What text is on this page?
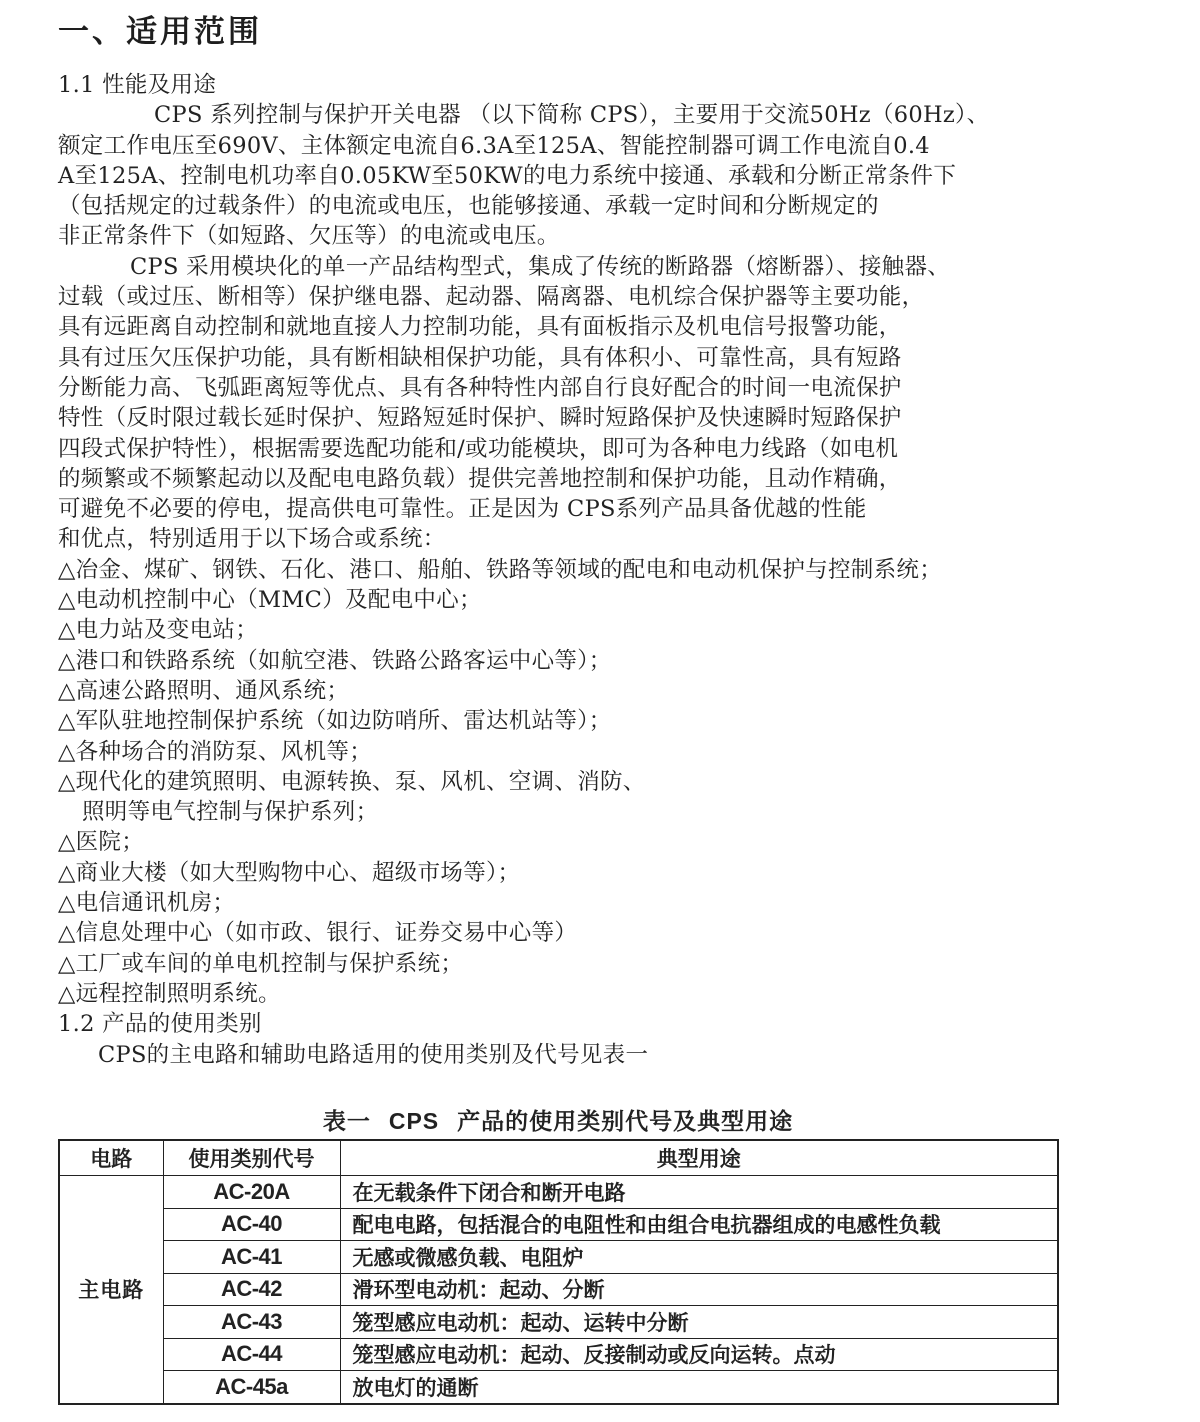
一、适用范围
1.1 性能及用途
CPS 系列控制与保护开关电器 （以下简称 CPS），主要用于交流50Hz（60Hz）、
额定工作电压至690V、主体额定电流自6.3A至125A、智能控制器可调工作电流自0.4
A至125A、控制电机功率自0.05KW至50KW的电力系统中接通、承载和分断正常条件下
（包括规定的过载条件）的电流或电压，也能够接通、承载一定时间和分断规定的
非正常条件下（如短路、欠压等）的电流或电压。
CPS 采用模块化的单一产品结构型式，集成了传统的断路器（熔断器）、接触器、
过载（或过压、断相等）保护继电器、起动器、隔离器、电机综合保护器等主要功能，
具有远距离自动控制和就地直接人力控制功能，具有面板指示及机电信号报警功能，
具有过压欠压保护功能，具有断相缺相保护功能，具有体积小、可靠性高，具有短路
分断能力高、飞弧距离短等优点、具有各种特性内部自行良好配合的时间一电流保护
特性（反时限过载长延时保护、短路短延时保护、瞬时短路保护及快速瞬时短路保护
四段式保护特性），根据需要选配功能和/或功能模块，即可为各种电力线路（如电机
的频繁或不频繁起动以及配电电路负载）提供完善地控制和保护功能，且动作精确，
可避免不必要的停电，提高供电可靠性。正是因为 CPS系列产品具备优越的性能
和优点，特别适用于以下场合或系统：
△冶金、煤矿、钢铁、石化、港口、船舶、铁路等领域的配电和电动机保护与控制系统；
△电动机控制中心（MMC）及配电中心；
△电力站及变电站；
△港口和铁路系统（如航空港、铁路公路客运中心等）；
△高速公路照明、通风系统；
△军队驻地控制保护系统（如边防哨所、雷达机站等）；
△各种场合的消防泵、风机等；
△现代化的建筑照明、电源转换、泵、风机、空调、消防、
照明等电气控制与保护系列；
△医院；
△商业大楼（如大型购物中心、超级市场等）；
△电信通讯机房；
△信息处理中心（如市政、银行、证券交易中心等）
△工厂或车间的单电机控制与保护系统；
△远程控制照明系统。
1.2 产品的使用类别
CPS的主电路和辅助电路适用的使用类别及代号见表一
表一 CPS 产品的使用类别代号及典型用途
电路	使用类别代号	典型用途
主电路	AC-20A	在无载条件下闭合和断开电路
	AC-40	配电电路，包括混合的电阻性和由组合电抗器组成的电感性负载
	AC-41	无感或微感负载、电阻炉
	AC-42	滑环型电动机：起动、分断
	AC-43	笼型感应电动机：起动、运转中分断
	AC-44	笼型感应电动机：起动、反接制动或反向运转。点动
	AC-45a	放电灯的通断
